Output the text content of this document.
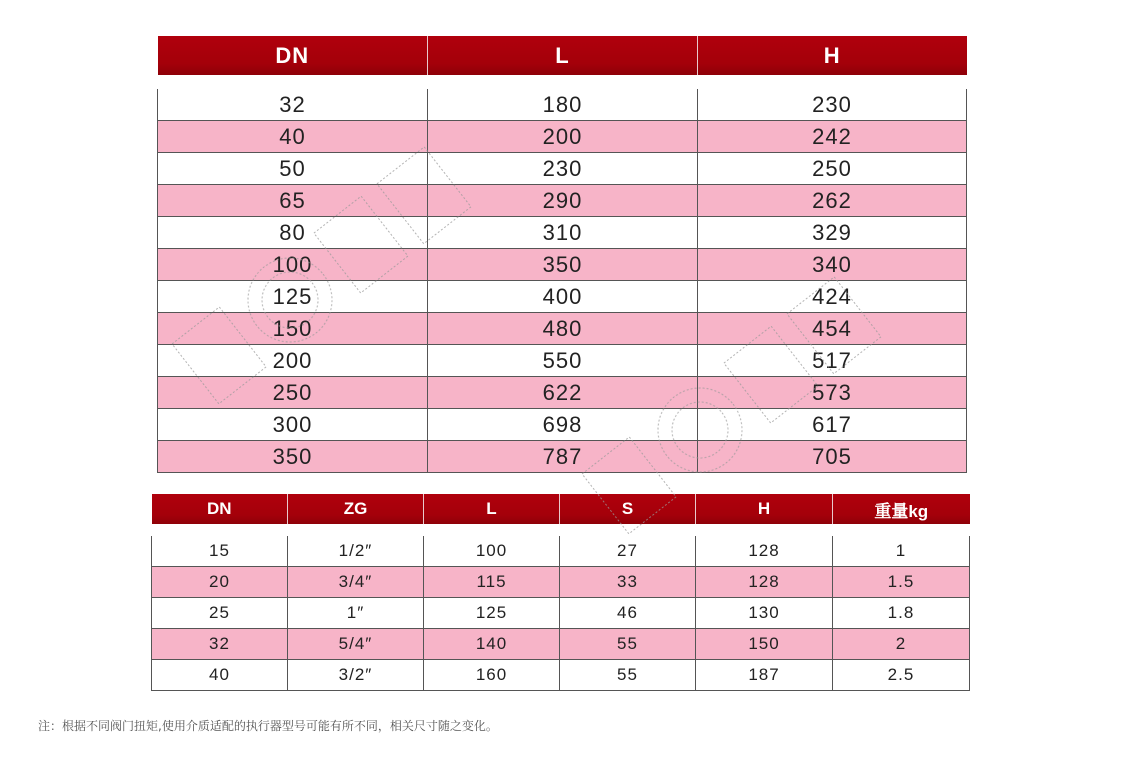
DN	L	H

32	180	230
40	200	242
50	230	250
65	290	262
80	310	329
100	350	340
125	400	424
150	480	454
200	550	517
250	622	573
300	698	617
350	787	705
DN	ZG	L	S	H	重量kg

15	1/2″	100	27	128	1
20	3/4″	115	33	128	1.5
25	1″	125	46	130	1.8
32	5/4″	140	55	150	2
40	3/2″	160	55	187	2.5
注：根据不同阀门扭矩,使用介质适配的执行器型号可能有所不同，相关尺寸随之变化。
